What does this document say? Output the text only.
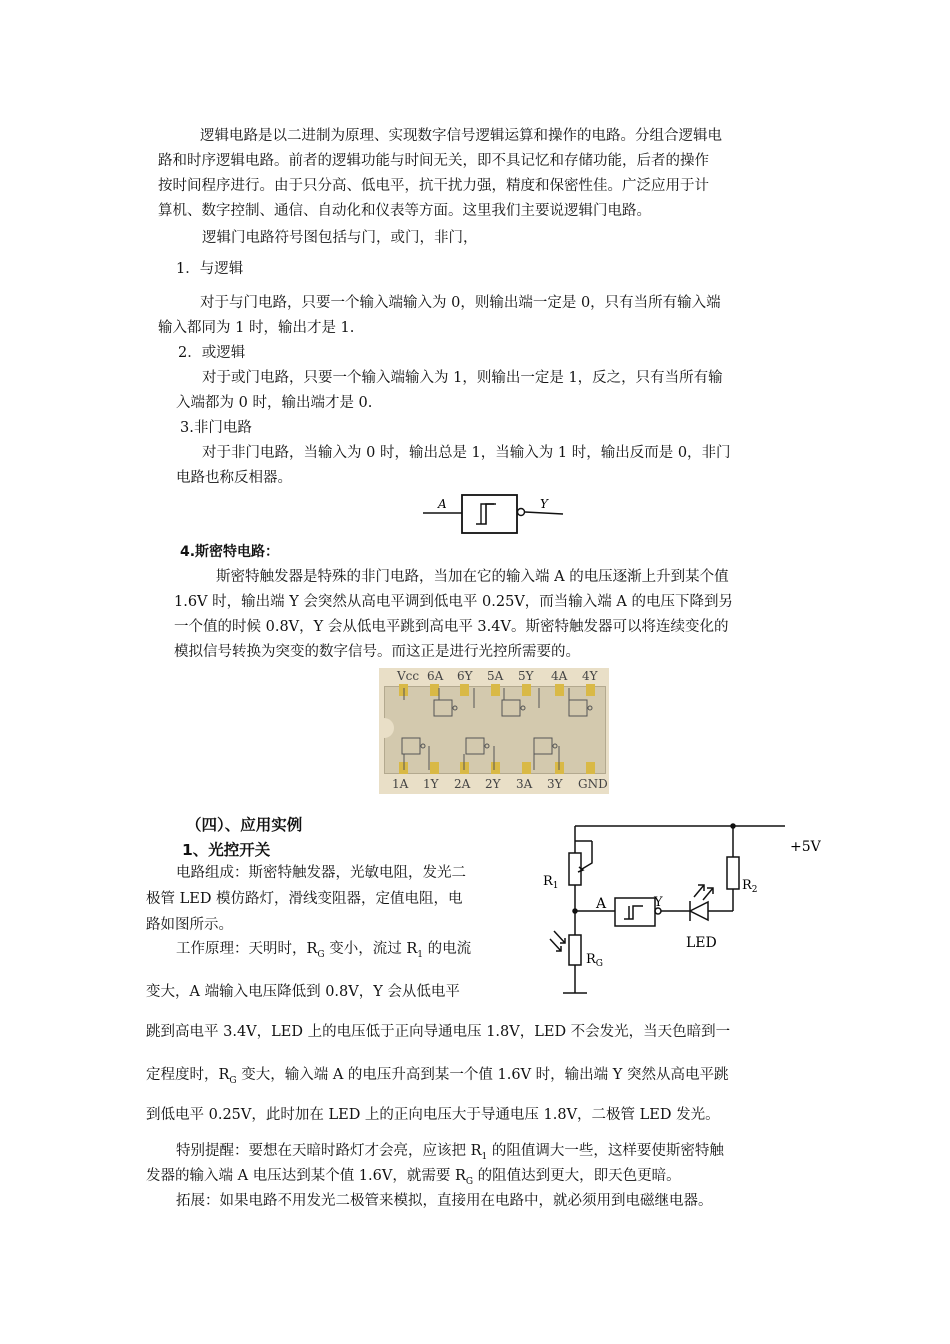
逻辑电路是以二进制为原理、实现数字信号逻辑运算和操作的电路。分组合逻辑电
路和时序逻辑电路。前者的逻辑功能与时间无关，即不具记忆和存储功能，后者的操作
按时间程序进行。由于只分高、低电平，抗干扰力强，精度和保密性佳。广泛应用于计
算机、数字控制、通信、自动化和仪表等方面。这里我们主要说逻辑门电路。
逻辑门电路符号图包括与门，或门，非门，
1．与逻辑
对于与门电路，只要一个输入端输入为 0，则输出端一定是 0，只有当所有输入端
输入都同为 1 时，输出才是 1.
2．或逻辑
对于或门电路，只要一个输入端输入为 1，则输出一定是 1，反之，只有当所有输
入端都为 0 时，输出端才是 0.
3.非门电路
对于非门电路，当输入为 0 时，输出总是 1，当输入为 1 时，输出反而是 0，非门
电路也称反相器。
A	Y
4.斯密特电路：
斯密特触发器是特殊的非门电路，当加在它的输入端 A 的电压逐渐上升到某个值
1.6V 时，输出端 Y 会突然从高电平调到低电平 0.25V，而当输入端 A 的电压下降到另
一个值的时候 0.8V，Y 会从低电平跳到高电平 3.4V。斯密特触发器可以将连续变化的
模拟信号转换为突变的数字信号。而这正是进行光控所需要的。
Vcc 6A 6Y 5A 5Y 4A 4Y
1A 1Y 2A 2Y 3A 3Y GND
（四）、应用实例
1、光控开关
电路组成：斯密特触发器，光敏电阻，发光二
极管 LED 模仿路灯，滑线变阻器，定值电阻，电
路如图所示。
工作原理：天明时，$R_G$ 变小，流过 $R_1$ 的电流
变大，A 端输入电压降低到 0.8V，Y 会从低电平
跳到高电平 3.4V，LED 上的电压低于正向导通电压 1.8V，LED 不会发光，当天色暗到一
定程度时，$R_G$ 变大，输入端 A 的电压升高到某一个值 1.6V 时，输出端 Y 突然从高电平跳
到低电平 0.25V，此时加在 LED 上的正向电压大于导通电压 1.8V，二极管 LED 发光。
特别提醒：要想在天暗时路灯才会亮，应该把 $R_1$ 的阻值调大一些，这样要使斯密特触
发器的输入端 A 电压达到某个值 1.6V，就需要 $R_G$ 的阻值达到更大，即天色更暗。
拓展：如果电路不用发光二极管来模拟，直接用在电路中，就必须用到电磁继电器。
+5V
$R_1$	$R_2$
$R_G$
A	Y
LED
